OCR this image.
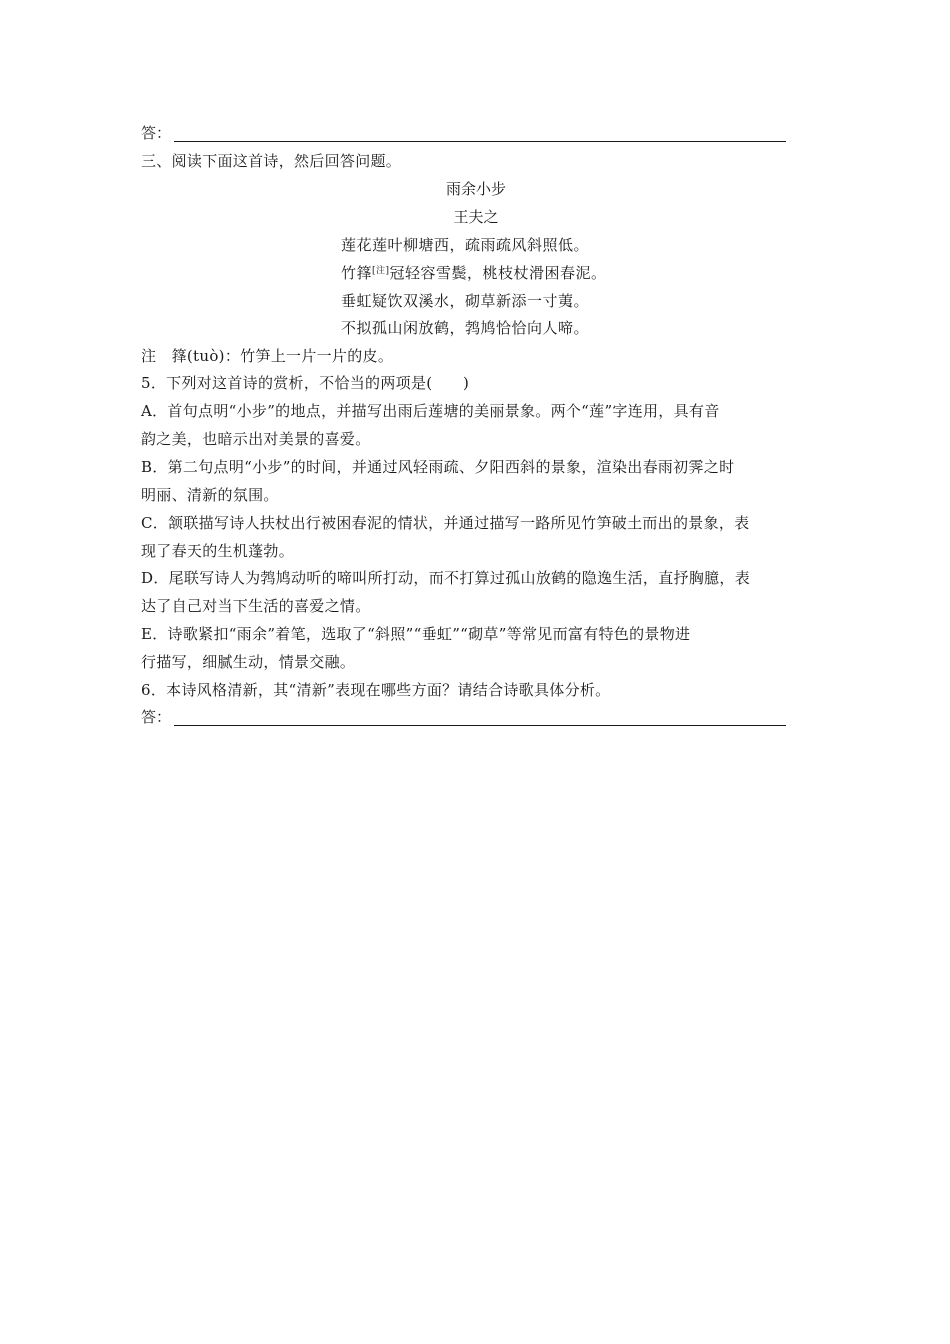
答：
三、阅读下面这首诗，然后回答问题。
雨余小步
王夫之
莲花莲叶柳塘西，疏雨疏风斜照低。
竹箨[注]冠轻容雪鬓，桃枝杖滑困春泥。
垂虹疑饮双溪水，砌草新添一寸荑。
不拟孤山闲放鹤，鹁鸠恰恰向人啼。
注　箨(tuò)：竹笋上一片一片的皮。
5．下列对这首诗的赏析，不恰当的两项是(　　)
A．首句点明“小步”的地点，并描写出雨后莲塘的美丽景象。两个“莲”字连用，具有音
韵之美，也暗示出对美景的喜爱。
B．第二句点明“小步”的时间，并通过风轻雨疏、夕阳西斜的景象，渲染出春雨初霁之时
明丽、清新的氛围。
C．颔联描写诗人扶杖出行被困春泥的情状，并通过描写一路所见竹笋破土而出的景象，表
现了春天的生机蓬勃。
D．尾联写诗人为鹁鸠动听的啼叫所打动，而不打算过孤山放鹤的隐逸生活，直抒胸臆，表
达了自己对当下生活的喜爱之情。
E．诗歌紧扣“雨余”着笔，选取了“斜照”“垂虹”“砌草”等常见而富有特色的景物进
行描写，细腻生动，情景交融。
6．本诗风格清新，其“清新”表现在哪些方面？请结合诗歌具体分析。
答：
